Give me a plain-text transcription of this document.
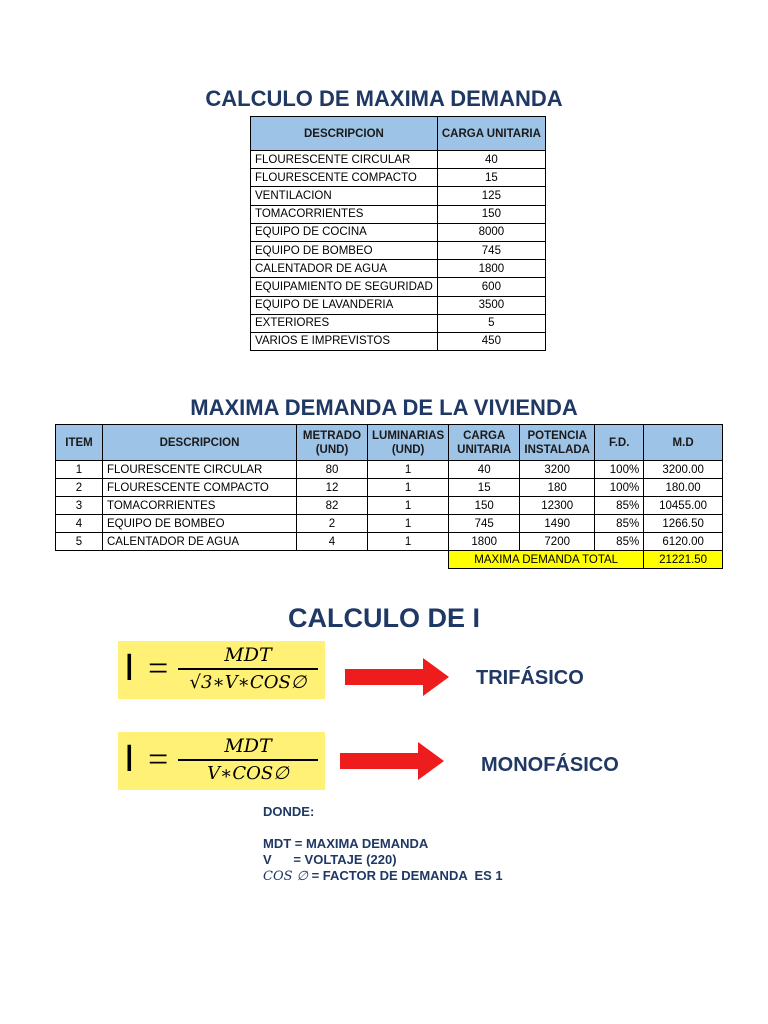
CALCULO DE MAXIMA DEMANDA
DESCRIPCION	CARGA UNITARIA
FLOURESCENTE CIRCULAR	40
FLOURESCENTE COMPACTO	15
VENTILACION	125
TOMACORRIENTES	150
EQUIPO DE COCINA	8000
EQUIPO DE BOMBEO	745
CALENTADOR DE AGUA	1800
EQUIPAMIENTO DE SEGURIDAD	600
EQUIPO DE LAVANDERIA	3500
EXTERIORES	5
VARIOS E IMPREVISTOS	450
MAXIMA DEMANDA DE LA VIVIENDA
ITEM	DESCRIPCION	METRADO (UND)	LUMINARIAS (UND)	CARGA UNITARIA	POTENCIA INSTALADA	F.D.	M.D
1	FLOURESCENTE CIRCULAR	80	1	40	3200	100%	3200.00
2	FLOURESCENTE COMPACTO	12	1	15	180	100%	180.00
3	TOMACORRIENTES	82	1	150	12300	85%	10455.00
4	EQUIPO DE BOMBEO	2	1	745	1490	85%	1266.50
5	CALENTADOR DE AGUA	4	1	1800	7200	85%	6120.00
				MAXIMA DEMANDA TOTAL			21221.50
CALCULO DE I
I =	MDT
√3∗V∗COS∅	TRIFÁSICO
I =	MDT
V∗COS∅	MONOFÁSICO
DONDE:
MDT = MAXIMA DEMANDA
V      = VOLTAJE (220)
COS ∅ = FACTOR DE DEMANDA  ES 1
